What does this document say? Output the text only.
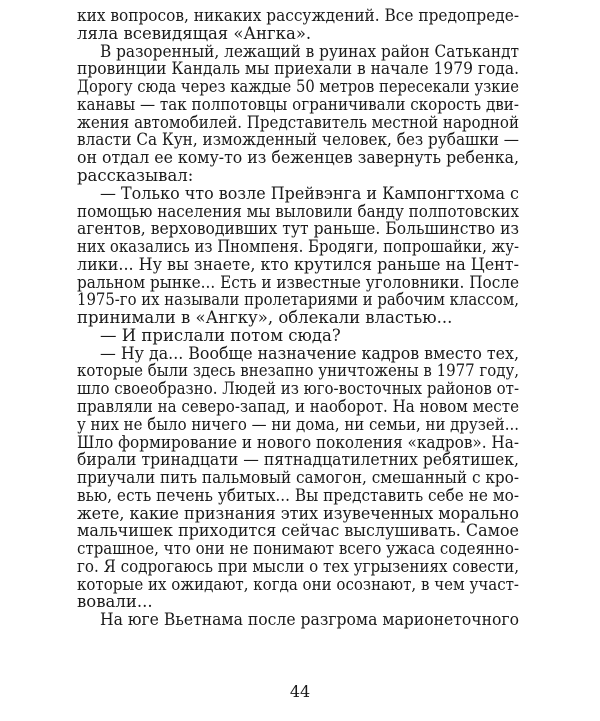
ких вопросов, никаких рассуждений. Все предопреде-

ляла всевидящая «Ангка».

В разоренный, лежащий в руинах район Сатькандт

провинции Кандаль мы приехали в начале 1979 года.

Дорогу сюда через каждые 50 метров пересекали узкие

канавы — так полпотовцы ограничивали скорость дви-

жения автомобилей. Представитель местной народной

власти Са Кун, изможденный человек, без рубашки —

он отдал ее кому-то из беженцев завернуть ребенка,

рассказывал:

— Только что возле Прейвэнга и Кампонгтхома с

помощью населения мы выловили банду полпотовских

агентов, верховодивших тут раньше. Большинство из

них оказались из Пномпеня. Бродяги, попрошайки, жу-

лики... Ну вы знаете, кто крутился раньше на Цент-

ральном рынке... Есть и известные уголовники. После

1975-го их называли пролетариями и рабочим классом,

принимали в «Ангку», облекали властью...

— И прислали потом сюда?

— Ну да... Вообще назначение кадров вместо тех,

которые были здесь внезапно уничтожены в 1977 году,

шло своеобразно. Людей из юго-восточных районов от-

правляли на северо-запад, и наоборот. На новом месте

у них не было ничего — ни дома, ни семьи, ни друзей...

Шло формирование и нового поколения «кадров». На-

бирали тринадцати — пятнадцатилетних ребятишек,

приучали пить пальмовый самогон, смешанный с кро-

вью, есть печень убитых... Вы представить себе не мо-

жете, какие признания этих изувеченных морально

мальчишек приходится сейчас выслушивать. Самое

страшное, что они не понимают всего ужаса содеянно-

го. Я содрогаюсь при мысли о тех угрызениях совести,

которые их ожидают, когда они осознают, в чем участ-

вовали...

На юге Вьетнама после разгрома марионеточного

44
